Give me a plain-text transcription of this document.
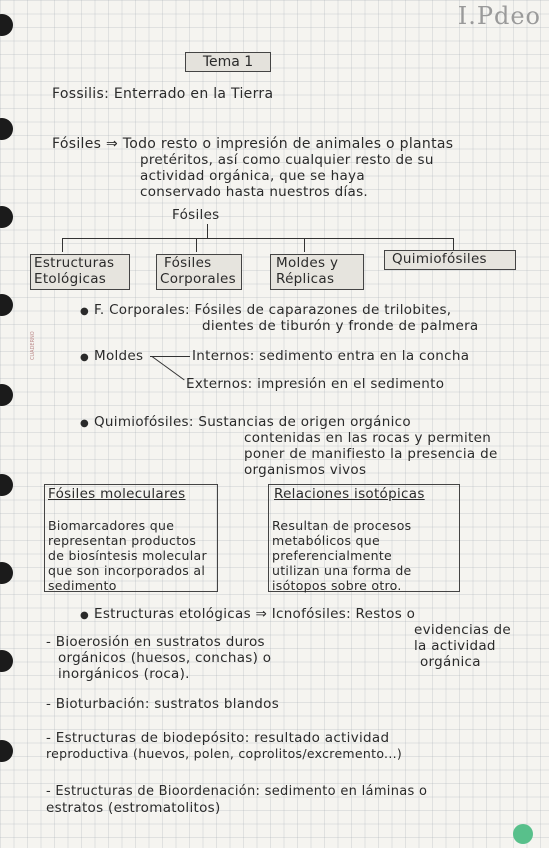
I.Pdeo
CUADERNO
Tema 1
Fossilis: Enterrado en la Tierra
Fósiles ⇒ Todo resto o impresión de animales o plantas
pretéritos, así como cualquier resto de su
actividad orgánica, que se haya
conservado hasta nuestros días.
Fósiles
Estructuras
Etológicas
Fósiles
Corporales
Moldes y
Réplicas
Quimiofósiles
● F. Corporales: Fósiles de caparazones de trilobites,
dientes de tiburón y fronde de palmera
● Moldes	Internos: sedimento entra en la concha
Externos: impresión en el sedimento
● Quimiofósiles: Sustancias de origen orgánico
contenidas en las rocas y permiten
poner de manifiesto la presencia de
organismos vivos
Fósiles moleculares
Biomarcadores que
representan productos
de biosíntesis molecular
que son incorporados al
sedimento
Relaciones isotópicas
Resultan de procesos
metabólicos que
preferencialmente
utilizan una forma de
isótopos sobre otro.
● Estructuras etológicas ⇒ Icnofósiles: Restos o
evidencias de
la actividad
orgánica
- Bioerosión en sustratos duros
orgánicos (huesos, conchas) o
inorgánicos (roca).
- Bioturbación: sustratos blandos
- Estructuras de biodepósito: resultado actividad
reproductiva (huevos, polen, coprolitos/excremento...)
- Estructuras de Bioordenación: sedimento en láminas o
estratos (estromatolitos)
